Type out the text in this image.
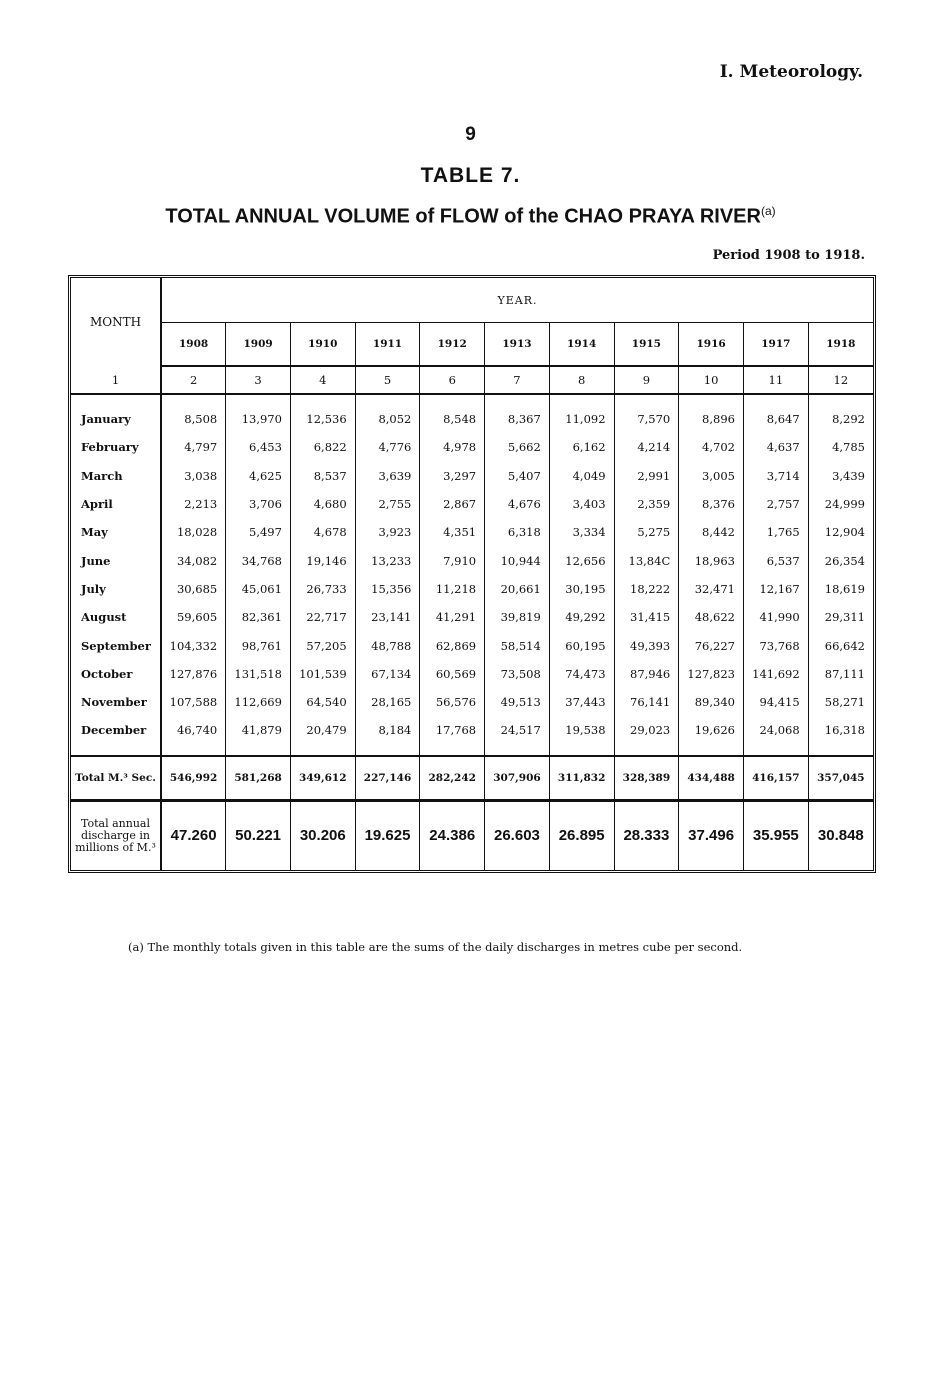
I. Meteorology.
9
TABLE 7.
TOTAL ANNUAL VOLUME of FLOW of the CHAO PRAYA RIVER$^{(a)}$
Period 1908 to 1918.
MONTH	YEAR.										
	1908	1909	1910	1911	1912	1913	1914	1915	1916	1917	1918
1	2	3	4	5	6	7	8	9	10	11	12
January	8,508	13,970	12,536	8,052	8,548	8,367	11,092	7,570	8,896	8,647	8,292
February	4,797	6,453	6,822	4,776	4,978	5,662	6,162	4,214	4,702	4,637	4,785
March	3,038	4,625	8,537	3,639	3,297	5,407	4,049	2,991	3,005	3,714	3,439
April	2,213	3,706	4,680	2,755	2,867	4,676	3,403	2,359	8,376	2,757	24,999
May	18,028	5,497	4,678	3,923	4,351	6,318	3,334	5,275	8,442	1,765	12,904
June	34,082	34,768	19,146	13,233	7,910	10,944	12,656	13,84C	18,963	6,537	26,354
July	30,685	45,061	26,733	15,356	11,218	20,661	30,195	18,222	32,471	12,167	18,619
August	59,605	82,361	22,717	23,141	41,291	39,819	49,292	31,415	48,622	41,990	29,311
September	104,332	98,761	57,205	48,788	62,869	58,514	60,195	49,393	76,227	73,768	66,642
October	127,876	131,518	101,539	67,134	60,569	73,508	74,473	87,946	127,823	141,692	87,111
November	107,588	112,669	64,540	28,165	56,576	49,513	37,443	76,141	89,340	94,415	58,271
December	46,740	41,879	20,479	8,184	17,768	24,517	19,538	29,023	19,626	24,068	16,318
Total M.³ Sec.	546,992	581,268	349,612	227,146	282,242	307,906	311,832	328,389	434,488	416,157	357,045
Total annual discharge in millions of M.³	47.260	50.221	30.206	19.625	24.386	26.603	26.895	28.333	37.496	35.955	30.848
(a) The monthly totals given in this table are the sums of the daily discharges in metres cube per second.
